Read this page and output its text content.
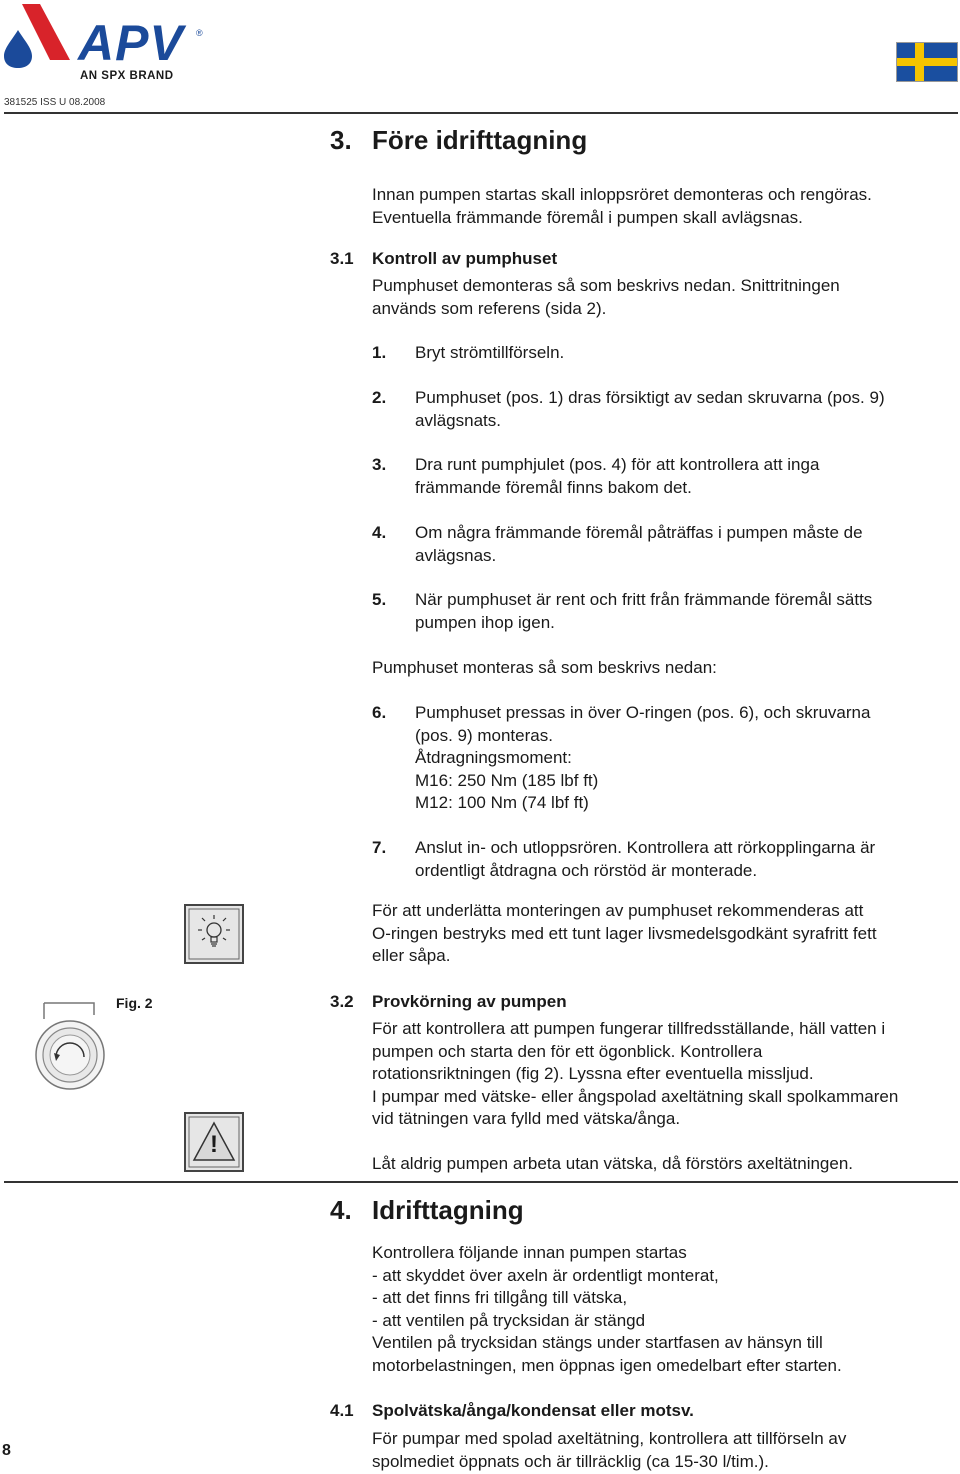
APV ®
AN SPX BRAND
381525 ISS U 08.2008
3. Före idrifttagning
Innan pumpen startas skall inloppsröret demonteras och rengöras.
Eventuella främmande föremål i pumpen skall avlägsnas.
3.1 Kontroll av pumphuset
Pumphuset demonteras så som beskrivs nedan. Snittritningen
används som referens (sida 2).
1. Bryt strömtillförseln.
2. Pumphuset (pos. 1) dras försiktigt av sedan skruvarna (pos. 9)
avlägsnats.
3. Dra runt pumphjulet (pos. 4) för att kontrollera att inga
främmande föremål finns bakom det.
4. Om några främmande föremål påträffas i pumpen måste de
avlägsnas.
5. När pumphuset är rent och fritt från främmande föremål sätts
pumpen ihop igen.
Pumphuset monteras så som beskrivs nedan:
6. Pumphuset pressas in över O-ringen (pos. 6), och skruvarna
(pos. 9) monteras.
Åtdragningsmoment:
M16: 250 Nm (185 lbf ft)
M12: 100 Nm (74 lbf ft)
7. Anslut in- och utloppsrören. Kontrollera att rörkopplingarna är
ordentligt åtdragna och rörstöd är monterade.
För att underlätta monteringen av pumphuset rekommenderas att
O-ringen bestryks med ett tunt lager livsmedelsgodkänt syrafritt fett
eller såpa.
Fig. 2	3.2 Provkörning av pumpen
För att kontrollera att pumpen fungerar tillfredsställande, häll vatten i
pumpen och starta den för ett ögonblick. Kontrollera
rotationsriktningen (fig 2). Lyssna efter eventuella missljud.
I pumpar med vätske- eller ångspolad axeltätning skall spolkammaren
vid tätningen vara fylld med vätska/ånga.
!
Låt aldrig pumpen arbeta utan vätska, då förstörs axeltätningen.
4. Idrifttagning
Kontrollera följande innan pumpen startas
- att skyddet över axeln är ordentligt monterat,
- att det finns fri tillgång till vätska,
- att ventilen på trycksidan är stängd
Ventilen på trycksidan stängs under startfasen av hänsyn till
motorbelastningen, men öppnas igen omedelbart efter starten.
4.1 Spolvätska/ånga/kondensat eller motsv.
För pumpar med spolad axeltätning, kontrollera att tillförseln av
spolmediet öppnats och är tillräcklig (ca 15-30 l/tim.).
8
